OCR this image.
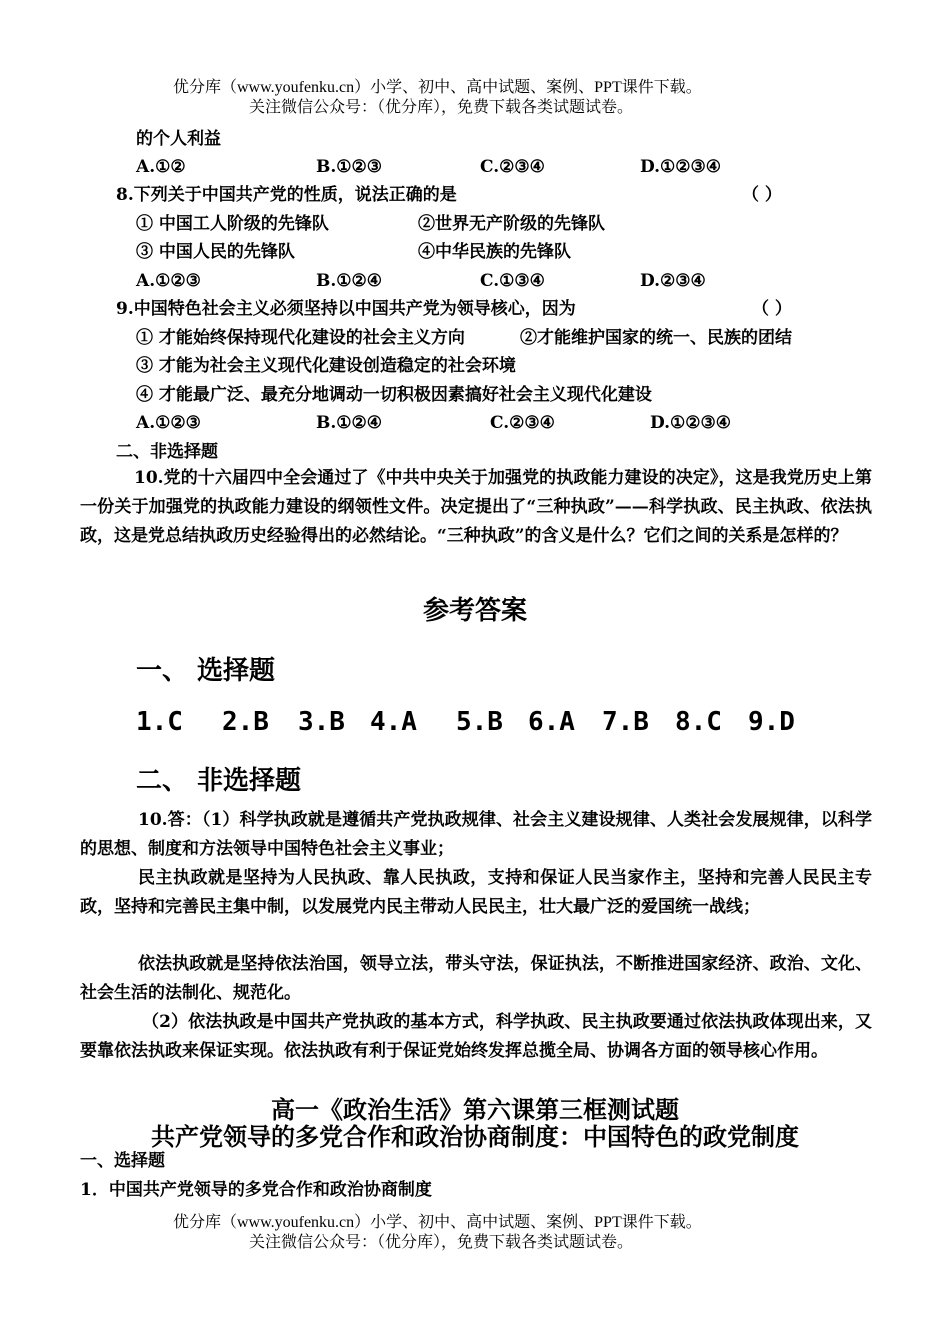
优分库（www.youfenku.cn）小学、初中、高中试题、案例、PPT课件下载。
关注微信公众号：（优分库），免费下载各类试题试卷。
的个人利益
A.①②	B.①②③	C.②③④	D.①②③④
8.下列关于中国共产党的性质，说法正确的是	（ ）
① 中国工人阶级的先锋队	②世界无产阶级的先锋队
③ 中国人民的先锋队	④中华民族的先锋队
A.①②③	B.①②④	C.①③④	D.②③④
9.中国特色社会主义必须坚持以中国共产党为领导核心，因为	（ ）
① 才能始终保持现代化建设的社会主义方向	②才能维护国家的统一、民族的团结
③ 才能为社会主义现代化建设创造稳定的社会环境
④ 才能最广泛、最充分地调动一切积极因素搞好社会主义现代化建设
A.①②③	B.①②④	C.②③④	D.①②③④
二、非选择题
10.党的十六届四中全会通过了《中共中央关于加强党的执政能力建设的决定》，这是我党历史上第一份关于加强党的执政能力建设的纲领性文件。决定提出了“三种执政”——科学执政、民主执政、依法执政，这是党总结执政历史经验得出的必然结论。“三种执政”的含义是什么？它们之间的关系是怎样的？
参考答案
一、 选择题
1.C 2.B 3.B 4.A 5.B 6.A 7.B 8.C 9.D
二、 非选择题
10.答：（1）科学执政就是遵循共产党执政规律、社会主义建设规律、人类社会发展规律，以科学的思想、制度和方法领导中国特色社会主义事业；
民主执政就是坚持为人民执政、靠人民执政，支持和保证人民当家作主，坚持和完善人民民主专政，坚持和完善民主集中制，以发展党内民主带动人民民主，壮大最广泛的爱国统一战线；
依法执政就是坚持依法治国，领导立法，带头守法，保证执法，不断推进国家经济、政治、文化、社会生活的法制化、规范化。
（2）依法执政是中国共产党执政的基本方式，科学执政、民主执政要通过依法执政体现出来，又要靠依法执政来保证实现。依法执政有利于保证党始终发挥总揽全局、协调各方面的领导核心作用。
高一《政治生活》第六课第三框测试题
共产党领导的多党合作和政治协商制度：中国特色的政党制度
一、选择题
1．中国共产党领导的多党合作和政治协商制度
优分库（www.youfenku.cn）小学、初中、高中试题、案例、PPT课件下载。
关注微信公众号：（优分库），免费下载各类试题试卷。
